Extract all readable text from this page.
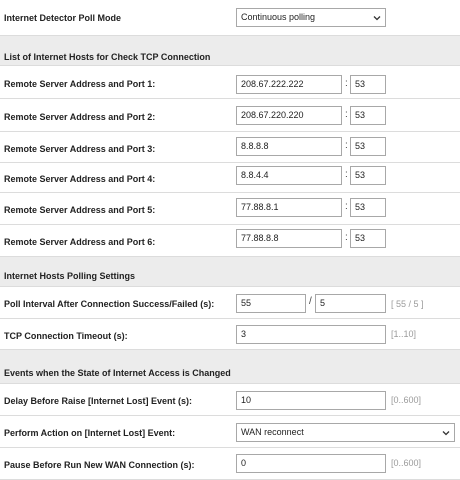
Internet Detector Poll Mode	Continuous polling
List of Internet Hosts for Check TCP Connection
Remote Server Address and Port 1:	208.67.222.222	: 53
Remote Server Address and Port 2:	208.67.220.220	: 53
Remote Server Address and Port 3:	8.8.8.8	: 53
Remote Server Address and Port 4:	8.8.4.4	: 53
Remote Server Address and Port 5:	77.88.8.1	: 53
Remote Server Address and Port 6:	77.88.8.8	: 53
Internet Hosts Polling Settings
Poll Interval After Connection Success/Failed (s):	55	/ 5	[ 55 / 5 ]
TCP Connection Timeout (s):	3	[1..10]
Events when the State of Internet Access is Changed
Delay Before Raise [Internet Lost] Event (s):	10	[0..600]
Perform Action on [Internet Lost] Event:	WAN reconnect
Pause Before Run New WAN Connection (s):	0	[0..600]
